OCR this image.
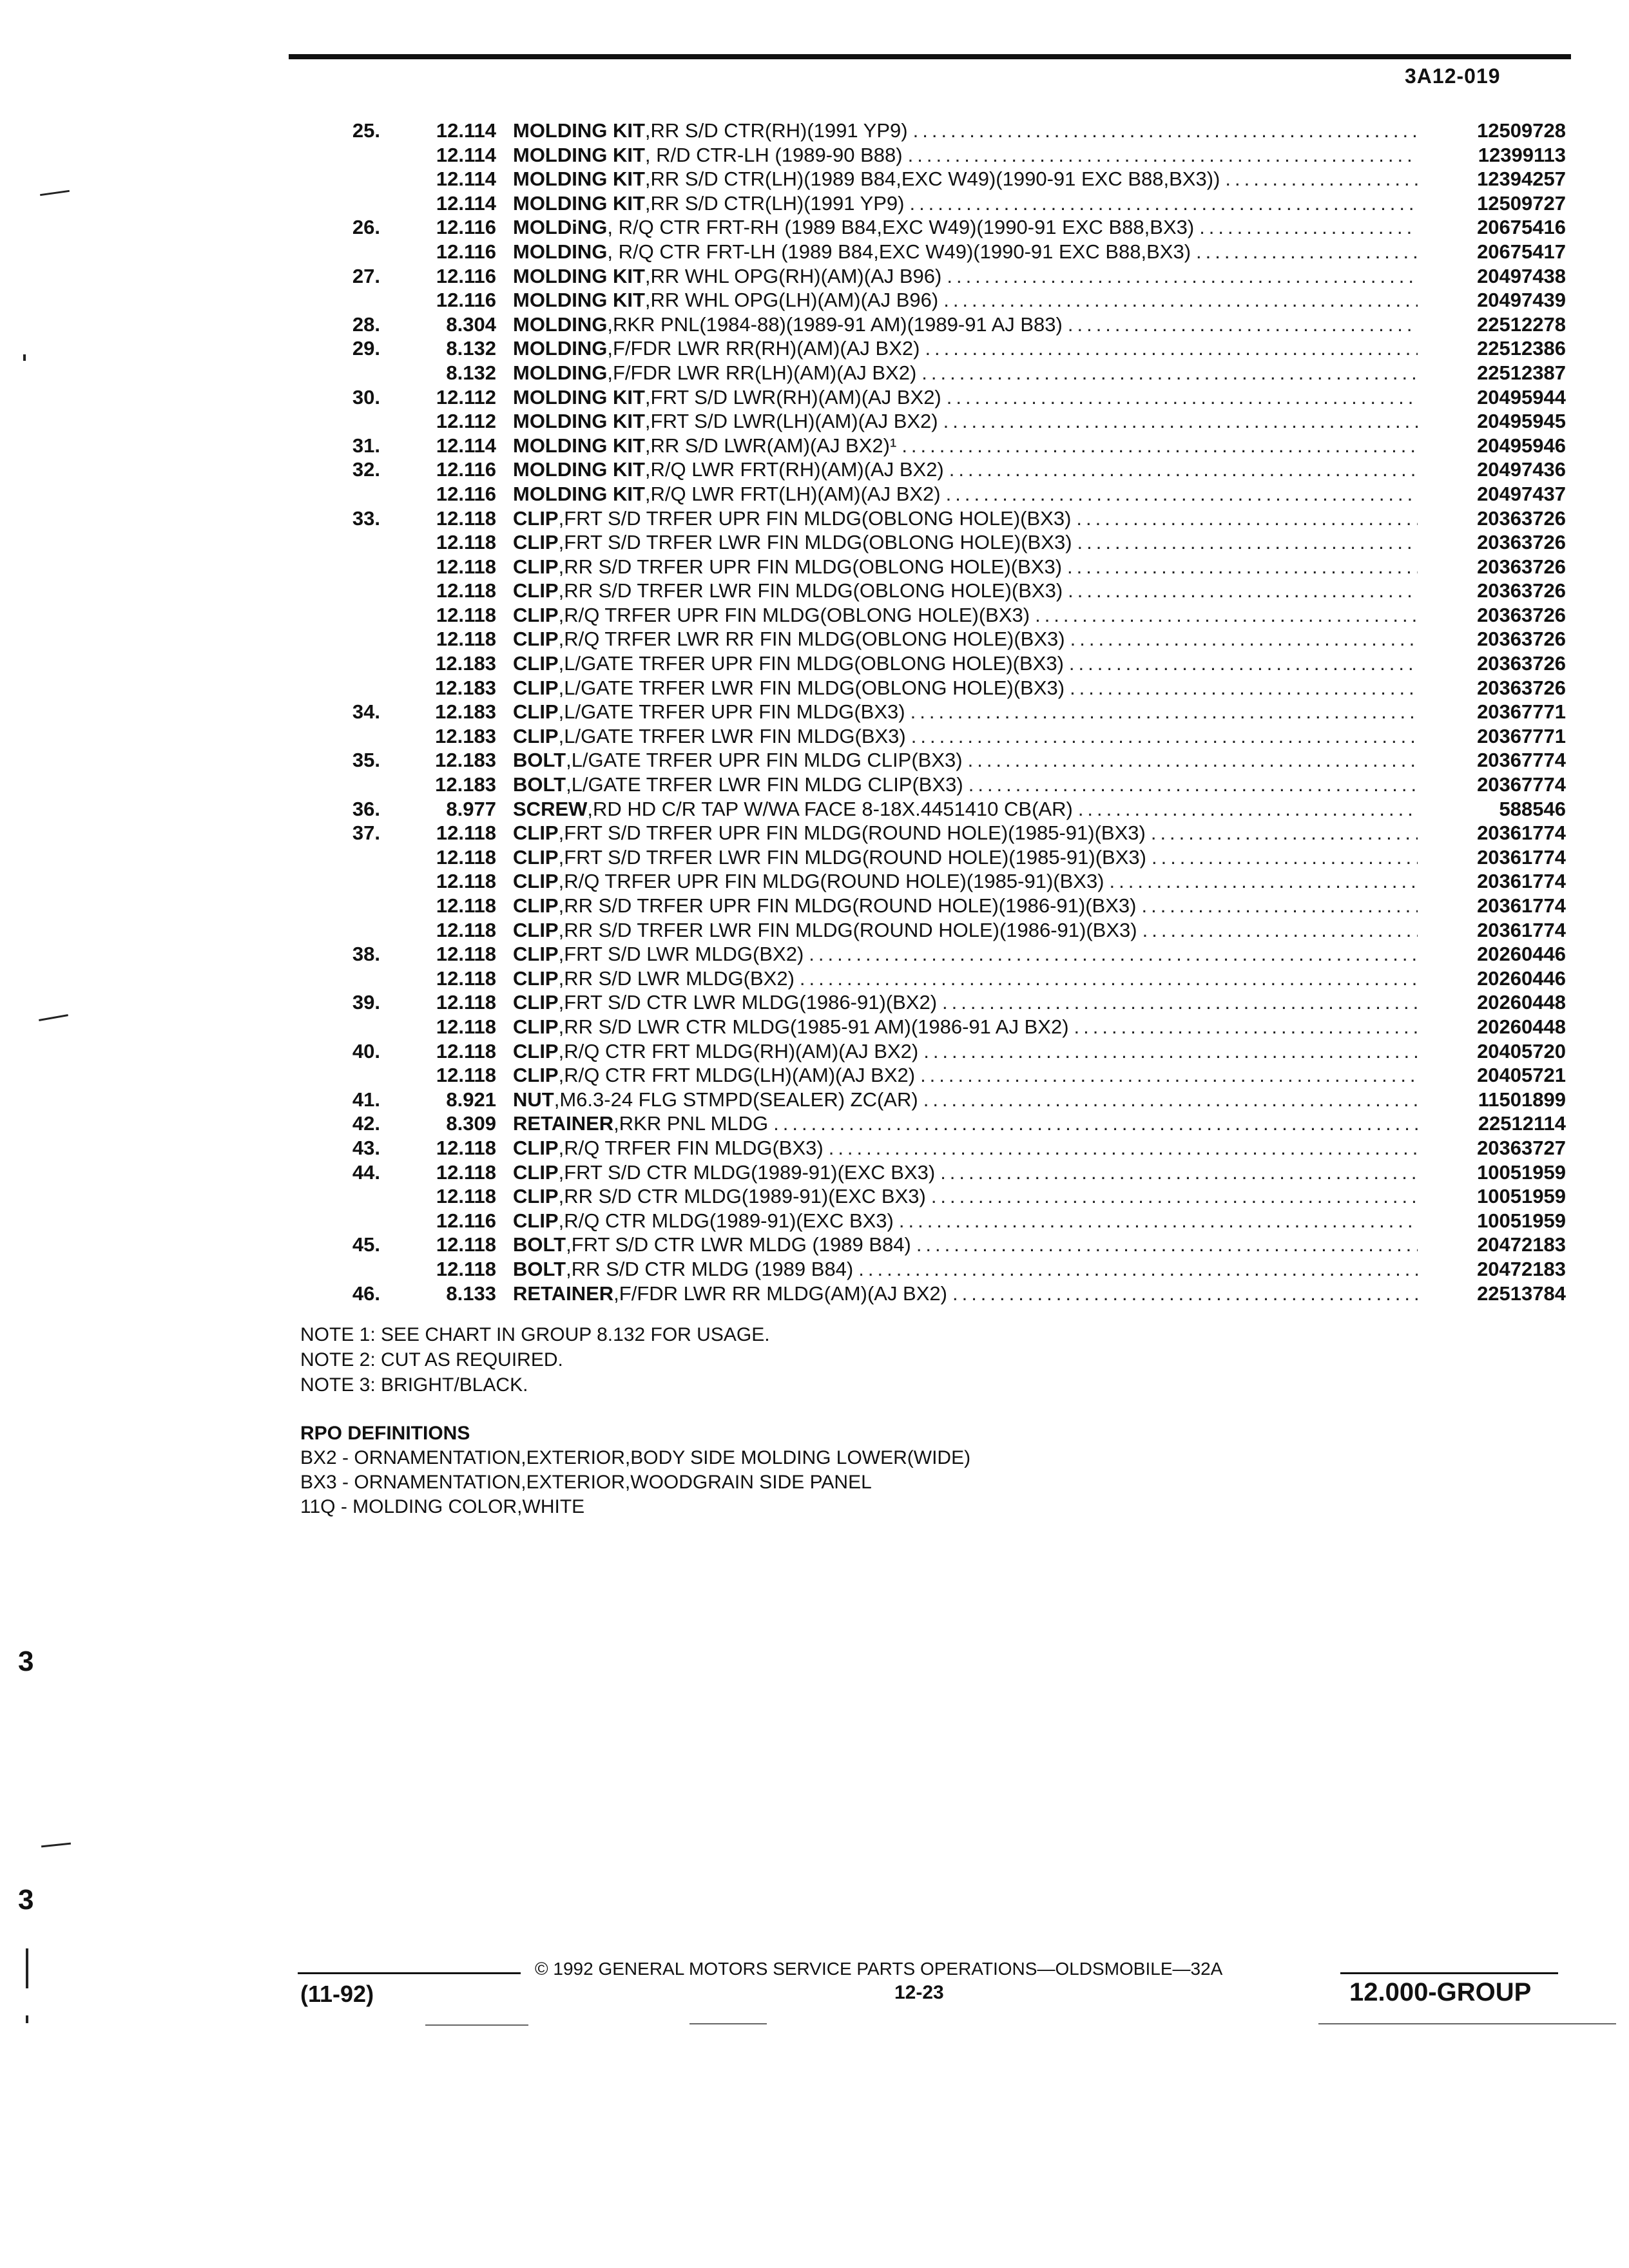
3A12-019
25.	12.114 MOLDING KIT ,RR S/D CTR(RH)(1991 YP9) .....	12509728
12.114 MOLDING KIT , R/D CTR-LH (1989-90 B88) .....	12399113
12.114 MOLDING KIT ,RR S/D CTR(LH)(1989 B84,EXC W49)(1990-91 EXC B88,BX3)) .....	12394257
12.114 MOLDING KIT ,RR S/D CTR(LH)(1991 YP9) .....	12509727
26.	12.116 MOLDiNG , R/Q CTR FRT-RH (1989 B84,EXC W49)(1990-91 EXC B88,BX3) .....	20675416
12.116 MOLDING , R/Q CTR FRT-LH (1989 B84,EXC W49)(1990-91 EXC B88,BX3) .....	20675417
27.	12.116 MOLDING KIT ,RR WHL OPG(RH)(AM)(AJ B96) .....	20497438
12.116 MOLDING KIT ,RR WHL OPG(LH)(AM)(AJ B96) .....	20497439
28.	8.304 MOLDING ,RKR PNL(1984-88)(1989-91 AM)(1989-91 AJ B83) .....	22512278
29.	8.132 MOLDING ,F/FDR LWR RR(RH)(AM)(AJ BX2) .....	22512386
8.132 MOLDING ,F/FDR LWR RR(LH)(AM)(AJ BX2) .....	22512387
30.	12.112 MOLDING KIT ,FRT S/D LWR(RH)(AM)(AJ BX2) .....	20495944
12.112 MOLDING KIT ,FRT S/D LWR(LH)(AM)(AJ BX2) .....	20495945
31.	12.114 MOLDING KIT ,RR S/D LWR(AM)(AJ BX2)¹ .....	20495946
32.	12.116 MOLDING KIT ,R/Q LWR FRT(RH)(AM)(AJ BX2) .....	20497436
12.116 MOLDING KIT ,R/Q LWR FRT(LH)(AM)(AJ BX2) .....	20497437
33.	12.118 CLIP ,FRT S/D TRFER UPR FIN MLDG(OBLONG HOLE)(BX3) .....	20363726
12.118 CLIP ,FRT S/D TRFER LWR FIN MLDG(OBLONG HOLE)(BX3) .....	20363726
12.118 CLIP ,RR S/D TRFER UPR FIN MLDG(OBLONG HOLE)(BX3) .....	20363726
12.118 CLIP ,RR S/D TRFER LWR FIN MLDG(OBLONG HOLE)(BX3) .....	20363726
12.118 CLIP ,R/Q TRFER UPR FIN MLDG(OBLONG HOLE)(BX3) .....	20363726
12.118 CLIP ,R/Q TRFER LWR RR FIN MLDG(OBLONG HOLE)(BX3) .....	20363726
12.183 CLIP ,L/GATE TRFER UPR FIN MLDG(OBLONG HOLE)(BX3) .....	20363726
12.183 CLIP ,L/GATE TRFER LWR FIN MLDG(OBLONG HOLE)(BX3) .....	20363726
34.	12.183 CLIP ,L/GATE TRFER UPR FIN MLDG(BX3) .....	20367771
12.183 CLIP ,L/GATE TRFER LWR FIN MLDG(BX3) .....	20367771
35.	12.183 BOLT ,L/GATE TRFER UPR FIN MLDG CLIP(BX3) .....	20367774
12.183 BOLT ,L/GATE TRFER LWR FIN MLDG CLIP(BX3) .....	20367774
36.	8.977 SCREW ,RD HD C/R TAP W/WA FACE 8-18X.4451410 CB(AR) .....	588546
37.	12.118 CLIP ,FRT S/D TRFER UPR FIN MLDG(ROUND HOLE)(1985-91)(BX3) .....	20361774
12.118 CLIP ,FRT S/D TRFER LWR FIN MLDG(ROUND HOLE)(1985-91)(BX3) .....	20361774
12.118 CLIP ,R/Q TRFER UPR FIN MLDG(ROUND HOLE)(1985-91)(BX3) .....	20361774
12.118 CLIP ,RR S/D TRFER UPR FIN MLDG(ROUND HOLE)(1986-91)(BX3) .....	20361774
12.118 CLIP ,RR S/D TRFER LWR FIN MLDG(ROUND HOLE)(1986-91)(BX3) .....	20361774
38.	12.118 CLIP ,FRT S/D LWR MLDG(BX2) .....	20260446
12.118 CLIP ,RR S/D LWR MLDG(BX2) .....	20260446
39.	12.118 CLIP ,FRT S/D CTR LWR MLDG(1986-91)(BX2) .....	20260448
12.118 CLIP ,RR S/D LWR CTR MLDG(1985-91 AM)(1986-91 AJ BX2) .....	20260448
40.	12.118 CLIP ,R/Q CTR FRT MLDG(RH)(AM)(AJ BX2) .....	20405720
12.118 CLIP ,R/Q CTR FRT MLDG(LH)(AM)(AJ BX2) .....	20405721
41.	8.921 NUT ,M6.3-24 FLG STMPD(SEALER) ZC(AR) .....	11501899
42.	8.309 RETAINER ,RKR PNL MLDG .....	22512114
43.	12.118 CLIP ,R/Q TRFER FIN MLDG(BX3) .....	20363727
44.	12.118 CLIP ,FRT S/D CTR MLDG(1989-91)(EXC BX3) .....	10051959
12.118 CLIP ,RR S/D CTR MLDG(1989-91)(EXC BX3) .....	10051959
12.116 CLIP ,R/Q CTR MLDG(1989-91)(EXC BX3) .....	10051959
45.	12.118 BOLT ,FRT S/D CTR LWR MLDG (1989 B84) .....	20472183
12.118 BOLT ,RR S/D CTR MLDG (1989 B84) .....	20472183
46.	8.133 RETAINER ,F/FDR LWR RR MLDG(AM)(AJ BX2) .....	22513784
NOTE 1: SEE CHART IN GROUP 8.132 FOR USAGE.
NOTE 2: CUT AS REQUIRED.
NOTE 3: BRIGHT/BLACK.
RPO DEFINITIONS
BX2 - ORNAMENTATION,EXTERIOR,BODY SIDE MOLDING LOWER(WIDE)
BX3 - ORNAMENTATION,EXTERIOR,WOODGRAIN SIDE PANEL
11Q - MOLDING COLOR,WHITE
© 1992 GENERAL MOTORS SERVICE PARTS OPERATIONS—OLDSMOBILE—32A
(11-92)	12-23	12.000-GROUP
3
3
